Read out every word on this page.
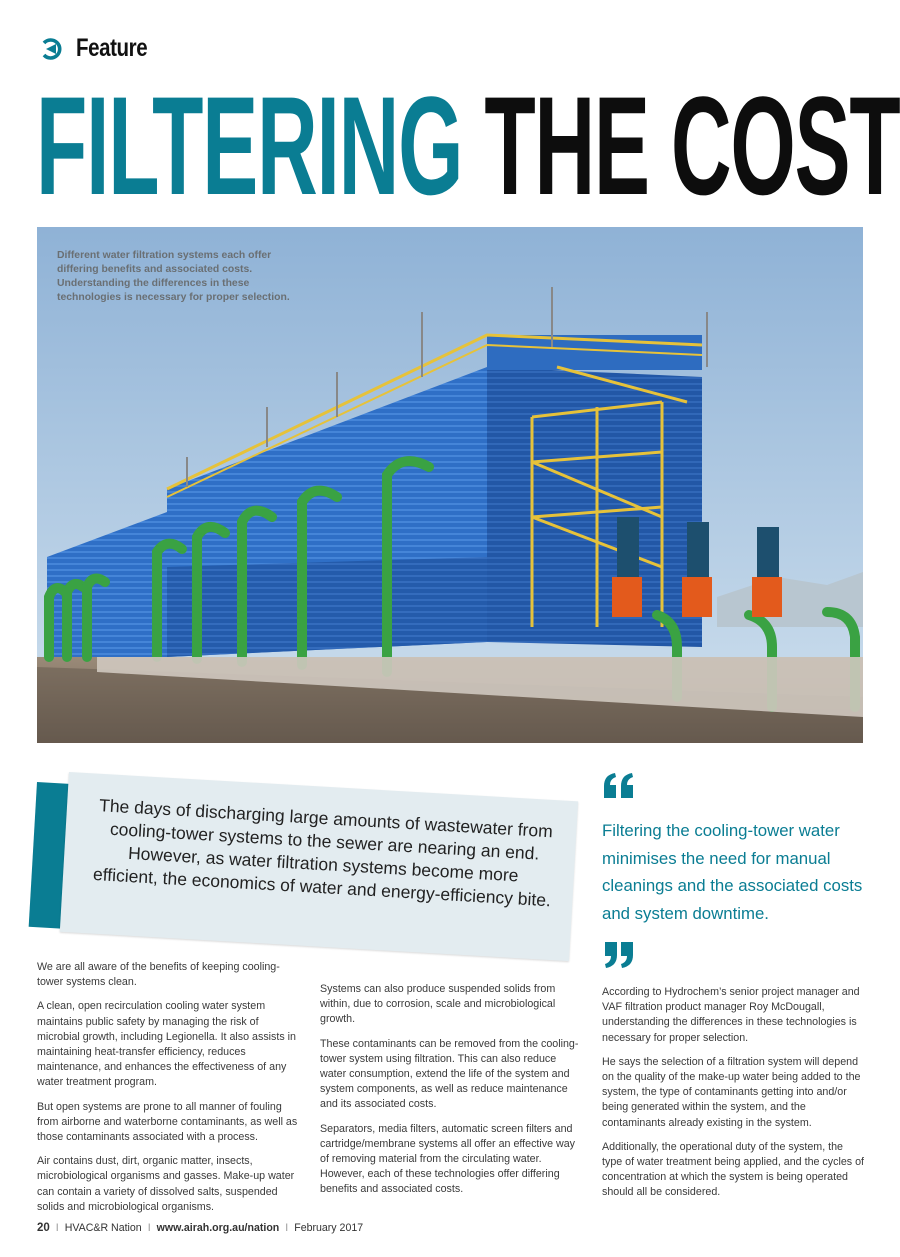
Feature
FILTERING THE COST
Different water filtration systems each offer differing benefits and associated costs. Understanding the differences in these technologies is necessary for proper selection.
The days of discharging large amounts of wastewater from cooling-tower systems to the sewer are nearing an end. However, as water filtration systems become more efficient, the economics of water and energy-efficiency bite.
Filtering the cooling-tower water minimises the need for manual cleanings and the associated costs and system downtime.

We are all aware of the benefits of keeping cooling-tower systems clean.

A clean, open recirculation cooling water system maintains public safety by managing the risk of microbial growth, including Legionella. It also assists in maintaining heat-transfer efficiency, reduces maintenance, and enhances the effectiveness of any water treatment program.

But open systems are prone to all manner of fouling from airborne and waterborne contaminants, as well as those contaminants associated with a process.

Air contains dust, dirt, organic matter, insects, microbiological organisms and gasses. Make-up water can contain a variety of dissolved salts, suspended solids and microbiological organisms.

Systems can also produce suspended solids from within, due to corrosion, scale and microbiological growth.

These contaminants can be removed from the cooling-tower system using filtration. This can also reduce water consumption, extend the life of the system and system components, as well as reduce maintenance and its associated costs.

Separators, media filters, automatic screen filters and cartridge/membrane systems all offer an effective way of removing material from the circulating water. However, each of these technologies offer differing benefits and associated costs.

According to Hydrochem’s senior project manager and VAF filtration product manager Roy McDougall, understanding the differences in these technologies is necessary for proper selection.

He says the selection of a filtration system will depend on the quality of the make-up water being added to the system, the type of contaminants getting into and/or being generated within the system, and the contaminants already existing in the system.

Additionally, the operational duty of the system, the type of water treatment being applied, and the cycles of concentration at which the system is being operated should all be considered.

20 I HVAC&R Nation I www.airah.org.au/nation I February 2017
